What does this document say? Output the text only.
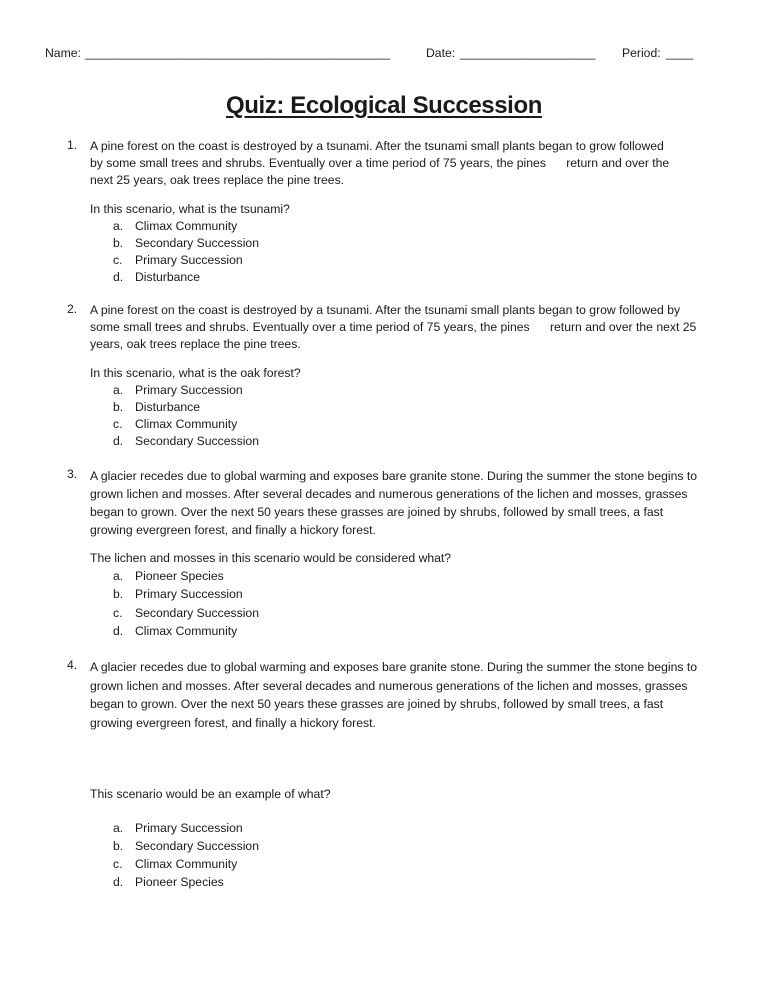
Name: _____________________________________________	Date: ____________________ Period: ____
Quiz: Ecological Succession
1. A pine forest on the coast is destroyed by a tsunami. After the tsunami small plants began to grow followed
by some small trees and shrubs. Eventually over a time period of 75 years, the pines      return and over the
next 25 years, oak trees replace the pine trees.
In this scenario, what is the tsunami?
a. Climax Community
b. Secondary Succession
c. Primary Succession
d. Disturbance
2. A pine forest on the coast is destroyed by a tsunami. After the tsunami small plants began to grow followed by
some small trees and shrubs. Eventually over a time period of 75 years, the pines      return and over the next 25
years, oak trees replace the pine trees.
In this scenario, what is the oak forest?
a. Primary Succession
b. Disturbance
c. Climax Community
d. Secondary Succession
3. A glacier recedes due to global warming and exposes bare granite stone. During the summer the stone begins to
grown lichen and mosses. After several decades and numerous generations of the lichen and mosses, grasses
began to grown. Over the next 50 years these grasses are joined by shrubs, followed by small trees, a fast
growing evergreen forest, and finally a hickory forest.
The lichen and mosses in this scenario would be considered what?
a. Pioneer Species
b. Primary Succession
c. Secondary Succession
d. Climax Community
4. A glacier recedes due to global warming and exposes bare granite stone. During the summer the stone begins to
grown lichen and mosses. After several decades and numerous generations of the lichen and mosses, grasses
began to grown. Over the next 50 years these grasses are joined by shrubs, followed by small trees, a fast
growing evergreen forest, and finally a hickory forest.
This scenario would be an example of what?
a. Primary Succession
b. Secondary Succession
c. Climax Community
d. Pioneer Species
